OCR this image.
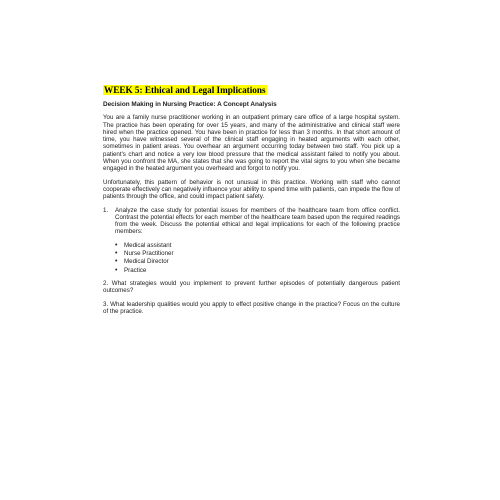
WEEK 5: Ethical and Legal Implications
Decision Making in Nursing Practice: A Concept Analysis

You are a family nurse practitioner working in an outpatient primary care office of a large hospital system. The practice has been operating for over 15 years, and many of the administrative and clinical staff were hired when the practice opened. You have been in practice for less than 3 months. In that short amount of time, you have witnessed several of the clinical staff engaging in heated arguments with each other, sometimes in patient areas. You overhear an argument occurring today between two staff. You pick up a patient's chart and notice a very low blood pressure that the medical assistant failed to notify you about. When you confront the MA, she states that she was going to report the vital signs to you when she became engaged in the heated argument you overheard and forgot to notify you.

Unfortunately, this pattern of behavior is not unusual in this practice. Working with staff who cannot cooperate effectively can negatively influence your ability to spend time with patients, can impede the flow of patients through the office, and could impact patient safety.

1.	Analyze the case study for potential issues for members of the healthcare team from office conflict. Contrast the potential effects for each member of the healthcare team based upon the required readings from the week. Discuss the potential ethical and legal implications for each of the following practice members:
•	Medical assistant
•	Nurse Practitioner
•	Medical Director
•	Practice

2. What strategies would you implement to prevent further episodes of potentially dangerous patient outcomes?

3. What leadership qualities would you apply to effect positive change in the practice? Focus on the culture of the practice.
